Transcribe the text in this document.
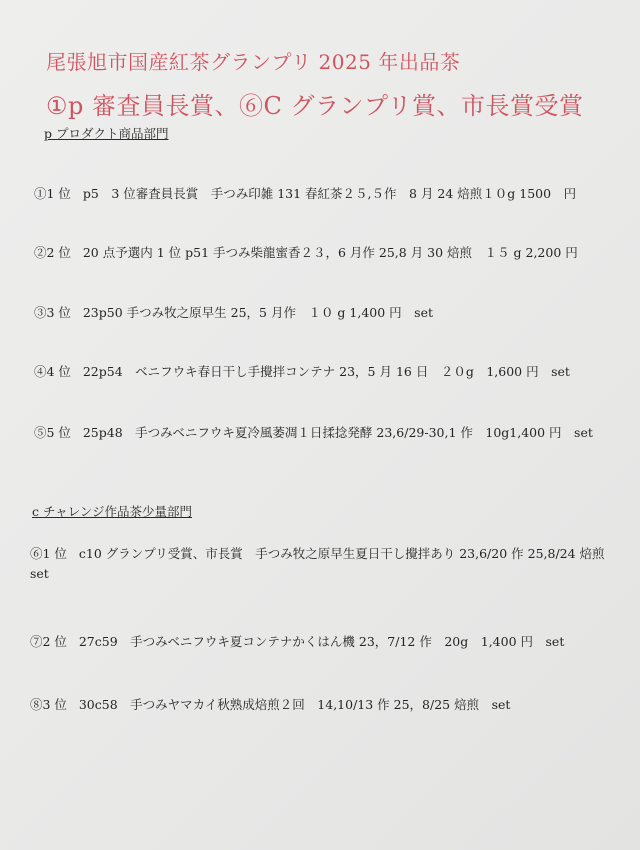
尾張旭市国産紅茶グランプリ 2025 年出品茶
①p 審査員長賞、⑥C グランプリ賞、市長賞受賞
p プロダクト商品部門
①1 位 p5　3 位審査員長賞　手つみ印雑 131 春紅茶２５,５作　8 月 24 焙煎１０g 1500　円
②2 位 20 点予選内 1 位 p51 手つみ柴龍蜜香２３，6 月作 25,8 月 30 焙煎　１５ g 2,200 円
③3 位 23p50 手つみ牧之原早生 25，5 月作　１０ g 1,400 円　set
④4 位 22p54　ベニフウキ春日干し手攪拌コンテナ 23，5 月 16 日　２０g　1,600 円　set
⑤5 位 25p48　手つみベニフウキ夏冷風萎凋１日揉捻発酵 23,6/29-30,1 作　10g1,400 円　set
c チャレンジ作品茶少量部門
⑥1 位 c10 グランプリ受賞、市長賞　手つみ牧之原早生夏日干し攪拌あり 23,6/20 作 25,8/24 焙煎 set
⑦2 位 27c59　手つみベニフウキ夏コンテナかくはん機 23，7/12 作　20g　1,400 円　set
⑧3 位 30c58　手つみヤマカイ秋熟成焙煎２回　14,10/13 作 25，8/25 焙煎　set
